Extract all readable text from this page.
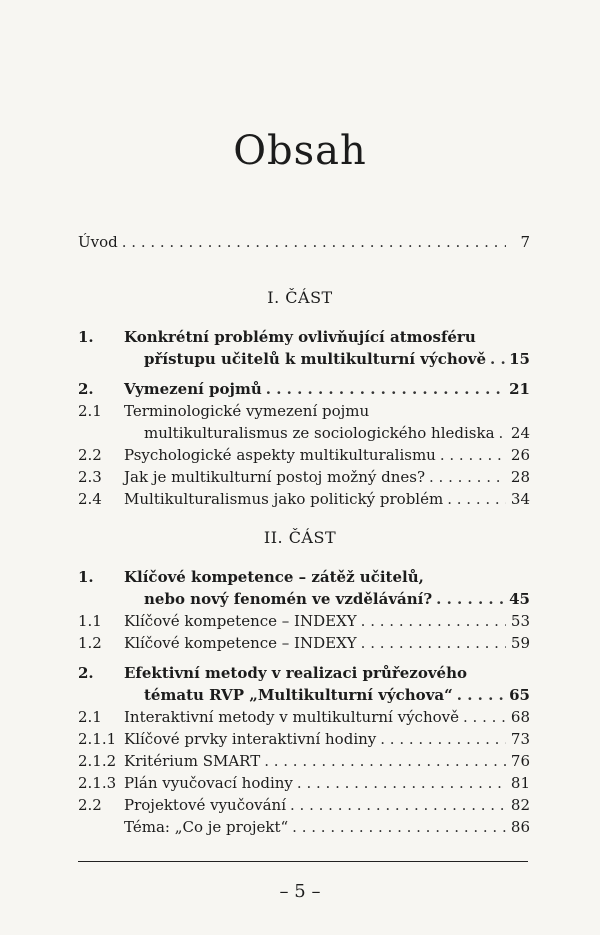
Obsah
Úvod . . .	7
I. ČÁST
1. Konkrétní problémy ovlivňující atmosféru
přístupu učitelů k multikulturní výchově . . . 15
2. Vymezení pojmů . . .	21
2.1 Terminologické vymezení pojmu
multikulturalismus ze sociologického hlediska . . . 24
2.2 Psychologické aspekty multikulturalismu . . .	26
2.3 Jak je multikulturní postoj možný dnes? . . .	28
2.4 Multikulturalismus jako politický problém . . .	34
II. ČÁST
1. Klíčové kompetence – zátěž učitelů,
nebo nový fenomén ve vzdělávání? . . .	45
1.1 Klíčové kompetence – INDEXY . . .	53
1.2 Klíčové kompetence – INDEXY . . .	59
2. Efektivní metody v realizaci průřezového
tématu RVP „Multikulturní výchova“ . . .	65
2.1 Interaktivní metody v multikulturní výchově . . .	68
2.1.1 Klíčové prvky interaktivní hodiny . . .	73
2.1.2 Kritérium SMART . . .	76
2.1.3 Plán vyučovací hodiny . . .	81
2.2 Projektové vyučování . . .	82
Téma: „Co je projekt“ . . .	86
– 5 –
